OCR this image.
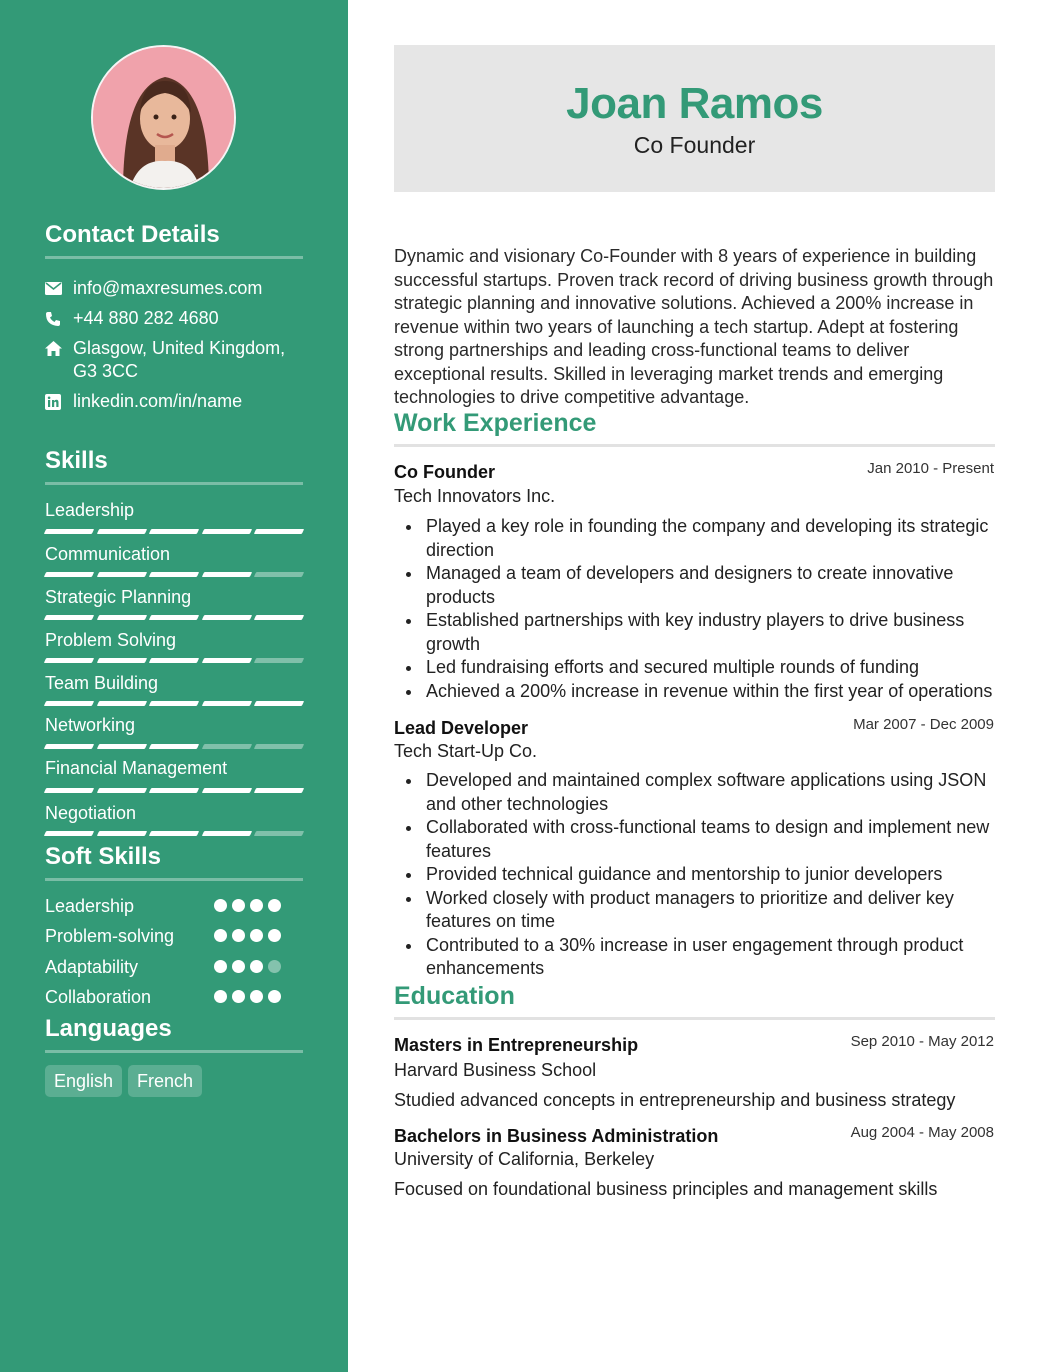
Contact Details
info@maxresumes.com
+44 880 282 4680
Glasgow, United Kingdom, G3 3CC
linkedin.com/in/name
Skills
Leadership
Communication
Strategic Planning
Problem Solving
Team Building
Networking
Financial Management
Negotiation
Soft Skills
Leadership
Problem-solving
Adaptability
Collaboration
Languages
English	French
Joan Ramos
Co Founder

Dynamic and visionary Co-Founder with 8 years of experience in building successful startups. Proven track record of driving business growth through strategic planning and innovative solutions. Achieved a 200% increase in revenue within two years of launching a tech startup. Adept at fostering strong partnerships and leading cross-functional teams to deliver exceptional results. Skilled in leveraging market trends and emerging technologies to drive competitive advantage.

Work Experience
Co Founder	Jan 2010 - Present
Tech Innovators Inc.
Played a key role in founding the company and developing its strategic direction
Managed a team of developers and designers to create innovative products
Established partnerships with key industry players to drive business growth
Led fundraising efforts and secured multiple rounds of funding
Achieved a 200% increase in revenue within the first year of operations
Lead Developer	Mar 2007 - Dec 2009
Tech Start-Up Co.
Developed and maintained complex software applications using JSON and other technologies
Collaborated with cross-functional teams to design and implement new features
Provided technical guidance and mentorship to junior developers
Worked closely with product managers to prioritize and deliver key features on time
Contributed to a 30% increase in user engagement through product enhancements
Education
Masters in Entrepreneurship	Sep 2010 - May 2012
Harvard Business School
Studied advanced concepts in entrepreneurship and business strategy
Bachelors in Business Administration	Aug 2004 - May 2008
University of California, Berkeley
Focused on foundational business principles and management skills
